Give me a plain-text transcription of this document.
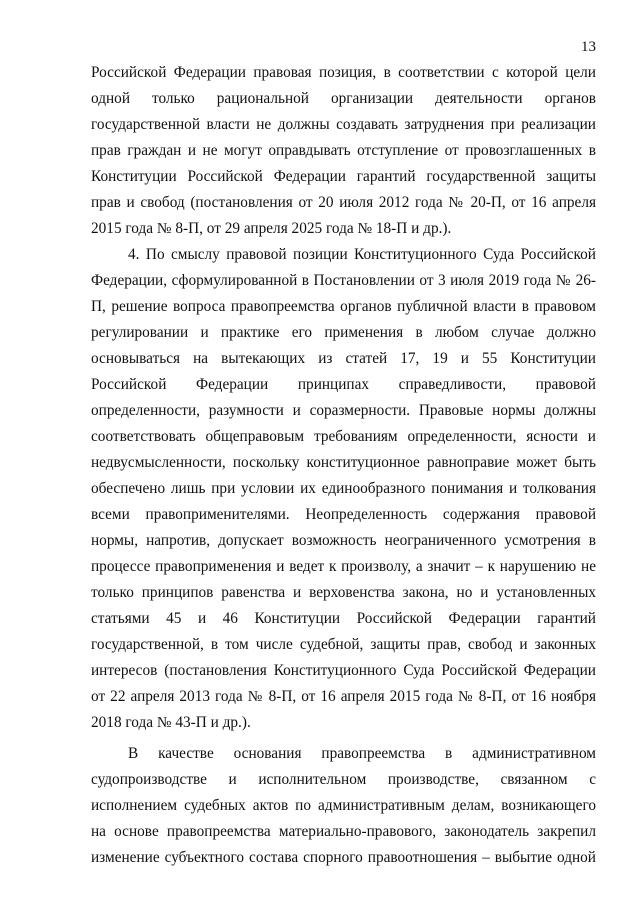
13
Российской Федерации правовая позиция, в соответствии с которой цели
одной только рациональной организации деятельности органов
государственной власти не должны создавать затруднения при реализации
прав граждан и не могут оправдывать отступление от провозглашенных в
Конституции Российской Федерации гарантий государственной защиты
прав и свобод (постановления от 20 июля 2012 года № 20-П, от 16 апреля
2015 года № 8-П, от 29 апреля 2025 года № 18-П и др.).
4. По смыслу правовой позиции Конституционного Суда Российской
Федерации, сформулированной в Постановлении от 3 июля 2019 года № 26-
П, решение вопроса правопреемства органов публичной власти в правовом
регулировании и практике его применения в любом случае должно
основываться на вытекающих из статей 17, 19 и 55 Конституции
Российской Федерации принципах справедливости, правовой
определенности, разумности и соразмерности. Правовые нормы должны
соответствовать общеправовым требованиям определенности, ясности и
недвусмысленности, поскольку конституционное равноправие может быть
обеспечено лишь при условии их единообразного понимания и толкования
всеми правоприменителями. Неопределенность содержания правовой
нормы, напротив, допускает возможность неограниченного усмотрения в
процессе правоприменения и ведет к произволу, а значит – к нарушению не
только принципов равенства и верховенства закона, но и установленных
статьями 45 и 46 Конституции Российской Федерации гарантий
государственной, в том числе судебной, защиты прав, свобод и законных
интересов (постановления Конституционного Суда Российской Федерации
от 22 апреля 2013 года № 8-П, от 16 апреля 2015 года № 8-П, от 16 ноября
2018 года № 43-П и др.).
В качестве основания правопреемства в административном
судопроизводстве и исполнительном производстве, связанном с
исполнением судебных актов по административным делам, возникающего
на основе правопреемства материально-правового, законодатель закрепил
изменение субъектного состава спорного правоотношения – выбытие одной
